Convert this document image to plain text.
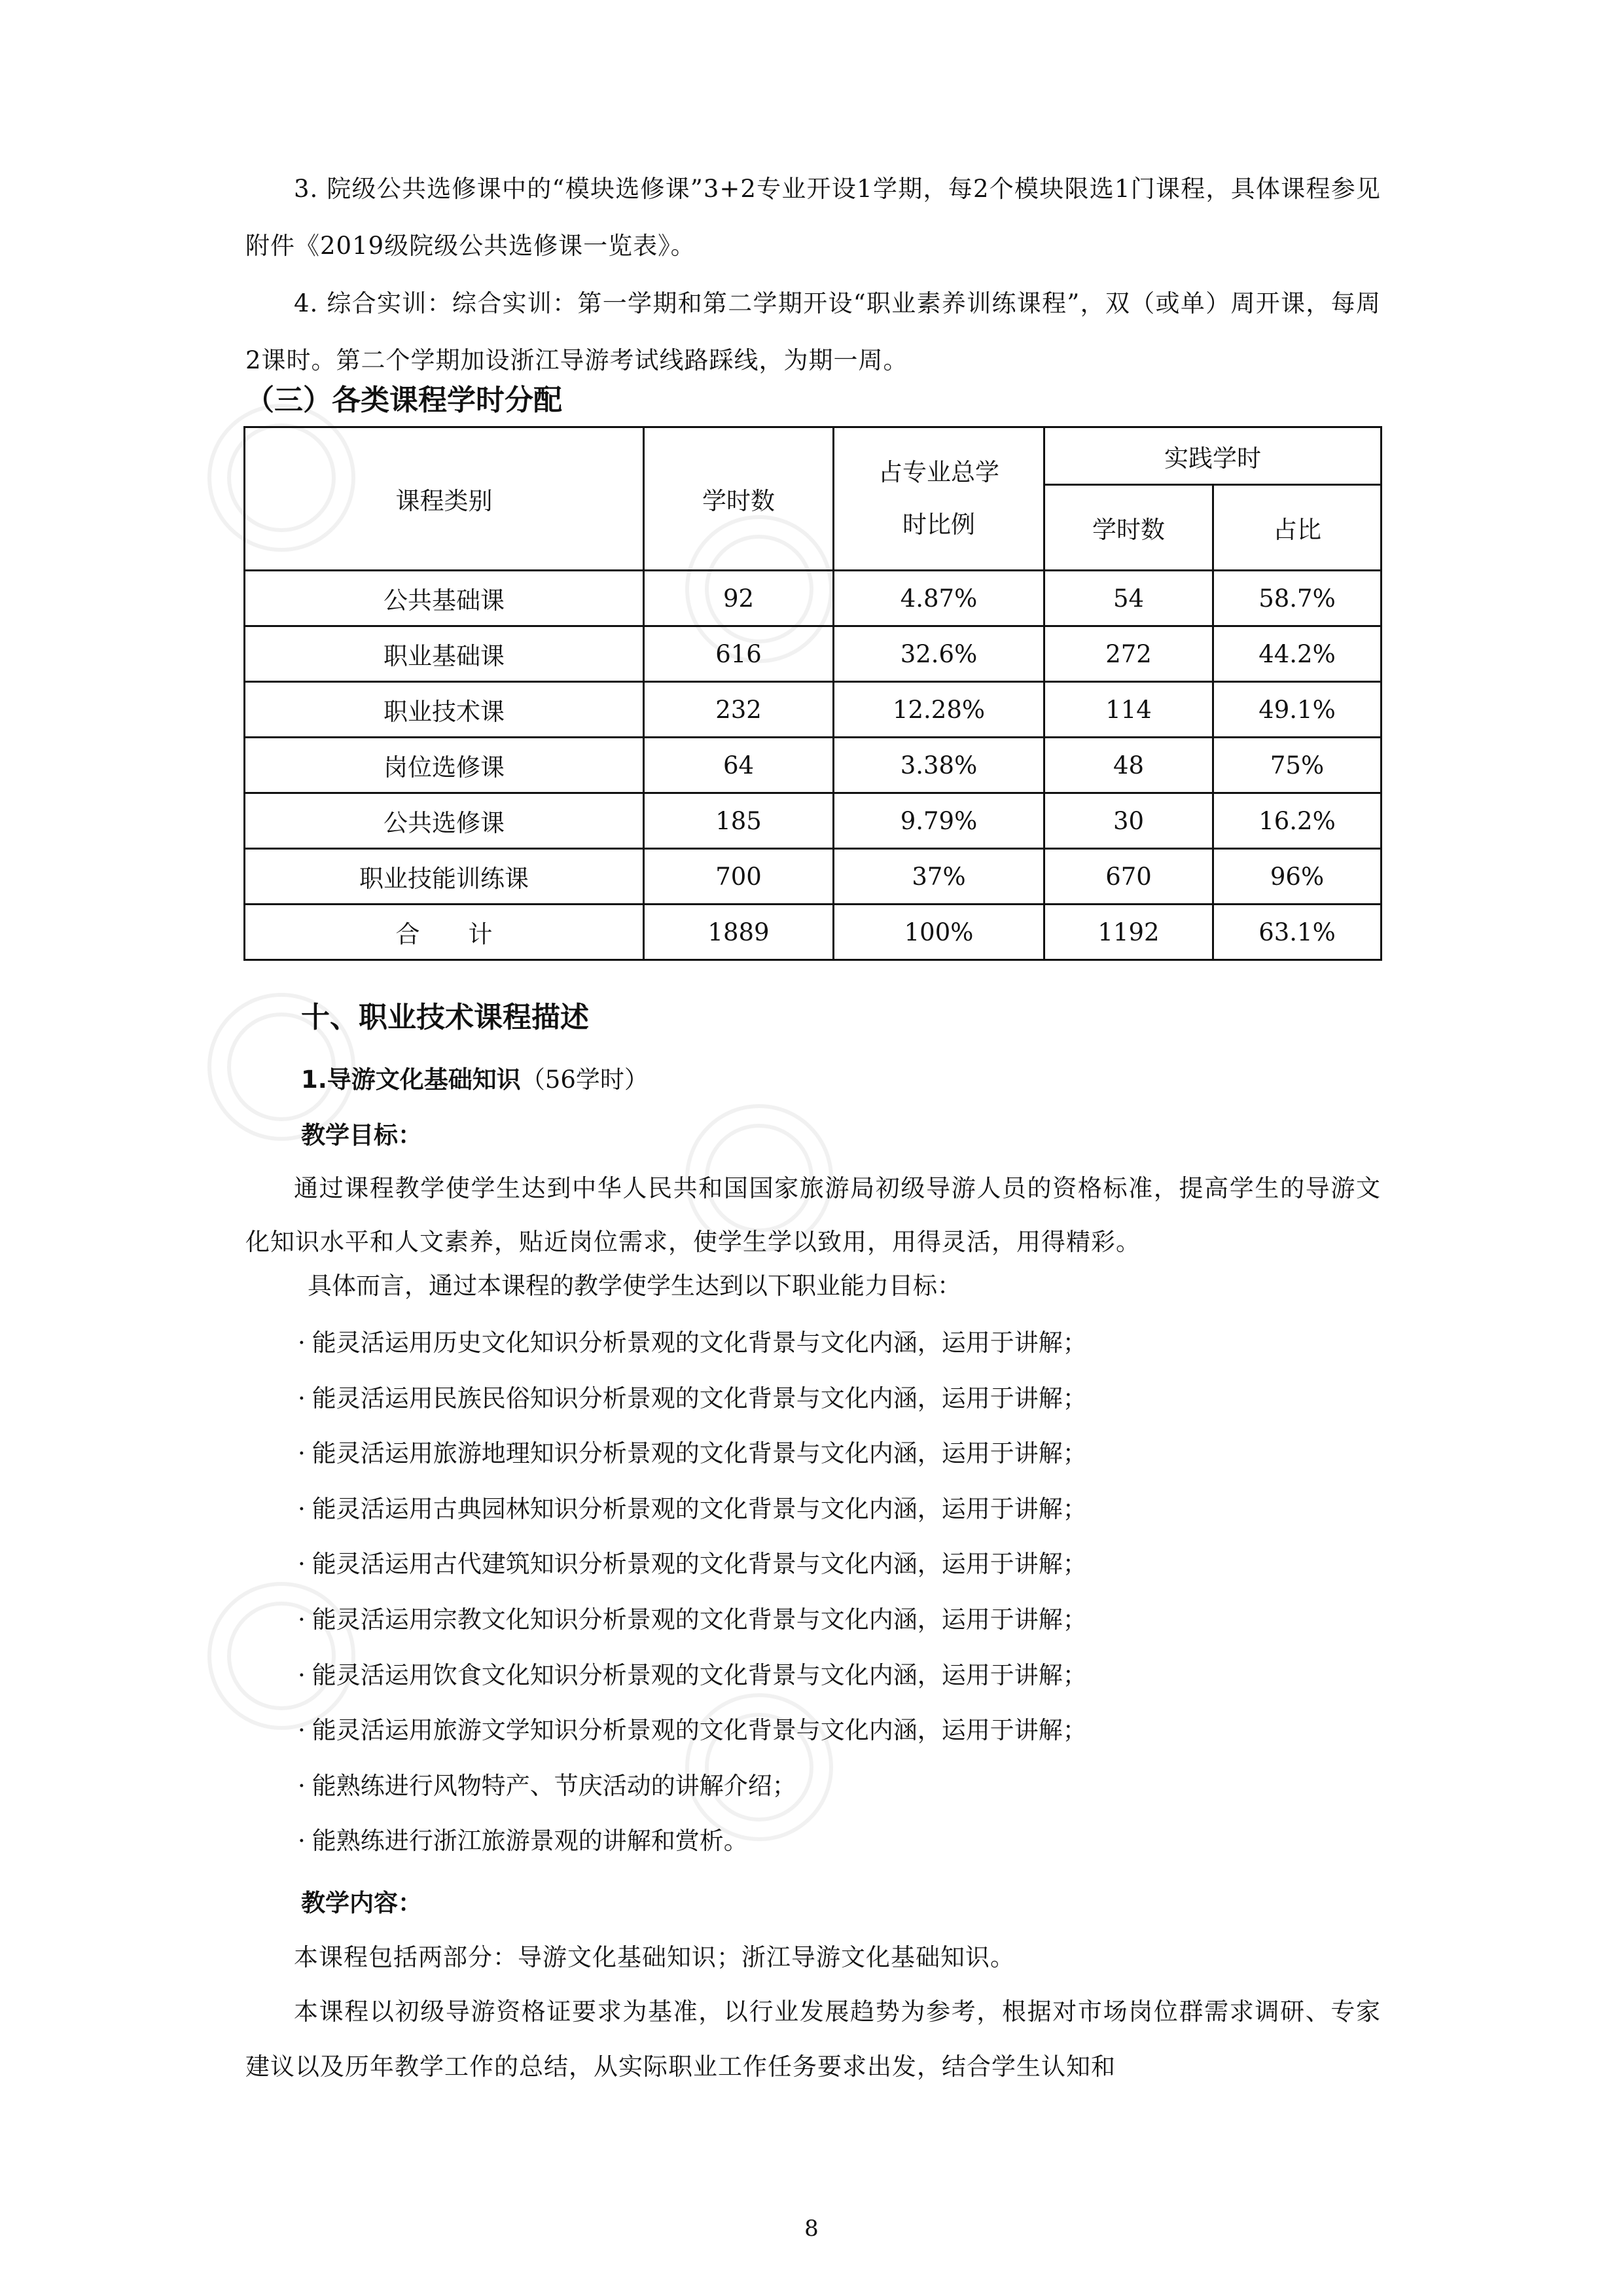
3. 院级公共选修课中的“模块选修课”3+2专业开设1学期，每2个模块限选1门课程，具体课程参见附件《2019级院级公共选修课一览表》。

4. 综合实训：综合实训：第一学期和第二学期开设“职业素养训练课程”，双（或单）周开课，每周2课时。第二个学期加设浙江导游考试线路踩线，为期一周。

（三）各类课程学时分配
课程类别	学时数	占专业总学时比例	实践学时	
			学时数	占比
公共基础课	92	4.87%	54	58.7%
职业基础课	616	32.6%	272	44.2%
职业技术课	232	12.28%	114	49.1%
岗位选修课	64	3.38%	48	75%
公共选修课	185	9.79%	30	16.2%
职业技能训练课	700	37%	670	96%
合　　计	1889	100%	1192	63.1%
十、职业技术课程描述

1.导游文化基础知识（56学时）

教学目标：

通过课程教学使学生达到中华人民共和国国家旅游局初级导游人员的资格标准，提高学生的导游文化知识水平和人文素养，贴近岗位需求，使学生学以致用，用得灵活，用得精彩。

具体而言，通过本课程的教学使学生达到以下职业能力目标：

· 能灵活运用历史文化知识分析景观的文化背景与文化内涵，运用于讲解；
· 能灵活运用民族民俗知识分析景观的文化背景与文化内涵，运用于讲解；
· 能灵活运用旅游地理知识分析景观的文化背景与文化内涵，运用于讲解；
· 能灵活运用古典园林知识分析景观的文化背景与文化内涵，运用于讲解；
· 能灵活运用古代建筑知识分析景观的文化背景与文化内涵，运用于讲解；
· 能灵活运用宗教文化知识分析景观的文化背景与文化内涵，运用于讲解；
· 能灵活运用饮食文化知识分析景观的文化背景与文化内涵，运用于讲解；
· 能灵活运用旅游文学知识分析景观的文化背景与文化内涵，运用于讲解；
· 能熟练进行风物特产、节庆活动的讲解介绍；
· 能熟练进行浙江旅游景观的讲解和赏析。

教学内容：

本课程包括两部分：导游文化基础知识；浙江导游文化基础知识。

本课程以初级导游资格证要求为基准，以行业发展趋势为参考，根据对市场岗位群需求调研、专家建议以及历年教学工作的总结，从实际职业工作任务要求出发，结合学生认知和

8
